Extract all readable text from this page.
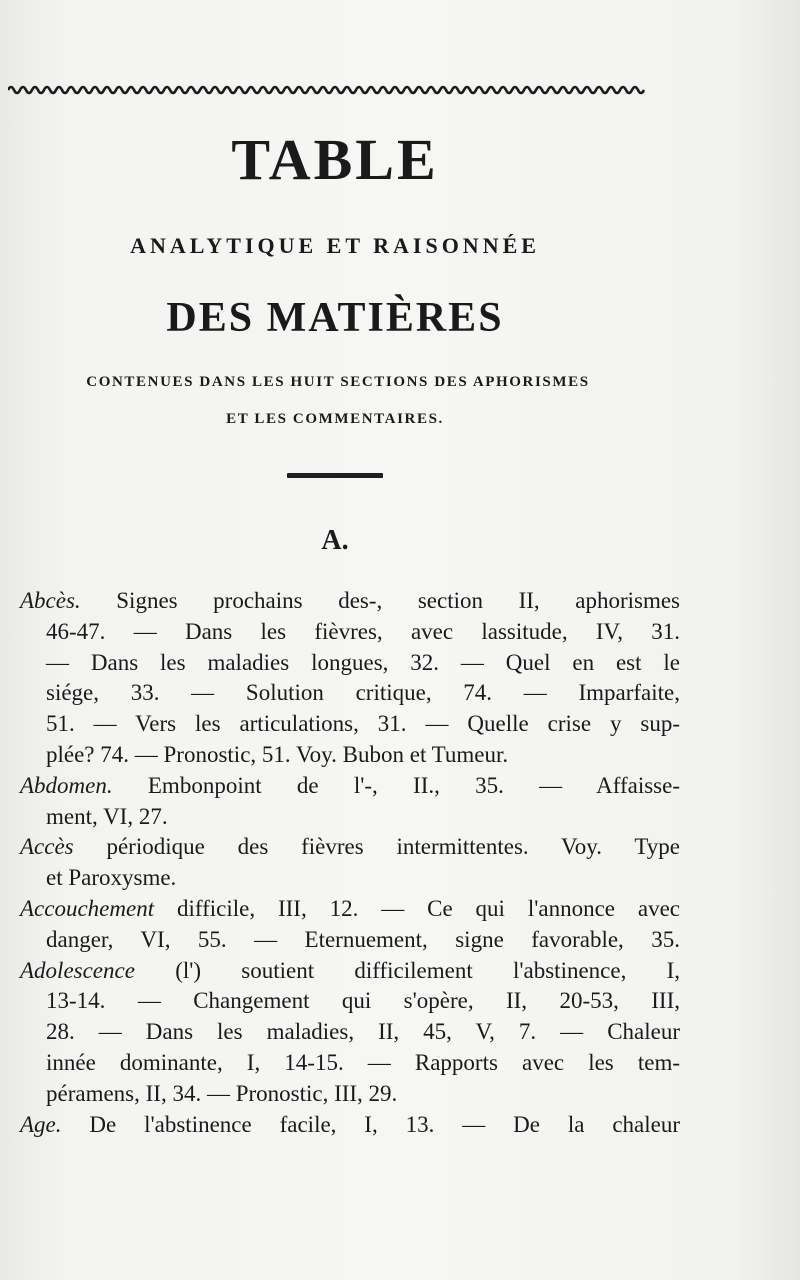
TABLE
ANALYTIQUE ET RAISONNÉE
DES MATIÈRES
CONTENUES DANS LES HUIT SECTIONS DES APHORISMES
ET LES COMMENTAIRES.
A.
Abcès. Signes prochains des-, section II, aphorismes
46-47. — Dans les fièvres, avec lassitude, IV, 31.
— Dans les maladies longues, 32. — Quel en est le
siége, 33. — Solution critique, 74. — Imparfaite,
51. — Vers les articulations, 31. — Quelle crise y sup-
plée? 74. — Pronostic, 51. Voy. Bubon et Tumeur.
Abdomen. Embonpoint de l'-, II., 35. — Affaisse-
ment, VI, 27.
Accès périodique des fièvres intermittentes. Voy. Type
et Paroxysme.
Accouchement difficile, III, 12. — Ce qui l'annonce avec
danger, VI, 55. — Eternuement, signe favorable, 35.
Adolescence (l') soutient difficilement l'abstinence, I,
13-14. — Changement qui s'opère, II, 20-53, III,
28. — Dans les maladies, II, 45, V, 7. — Chaleur
innée dominante, I, 14-15. — Rapports avec les tem-
péramens, II, 34. — Pronostic, III, 29.
Age. De l'abstinence facile, I, 13. — De la chaleur
